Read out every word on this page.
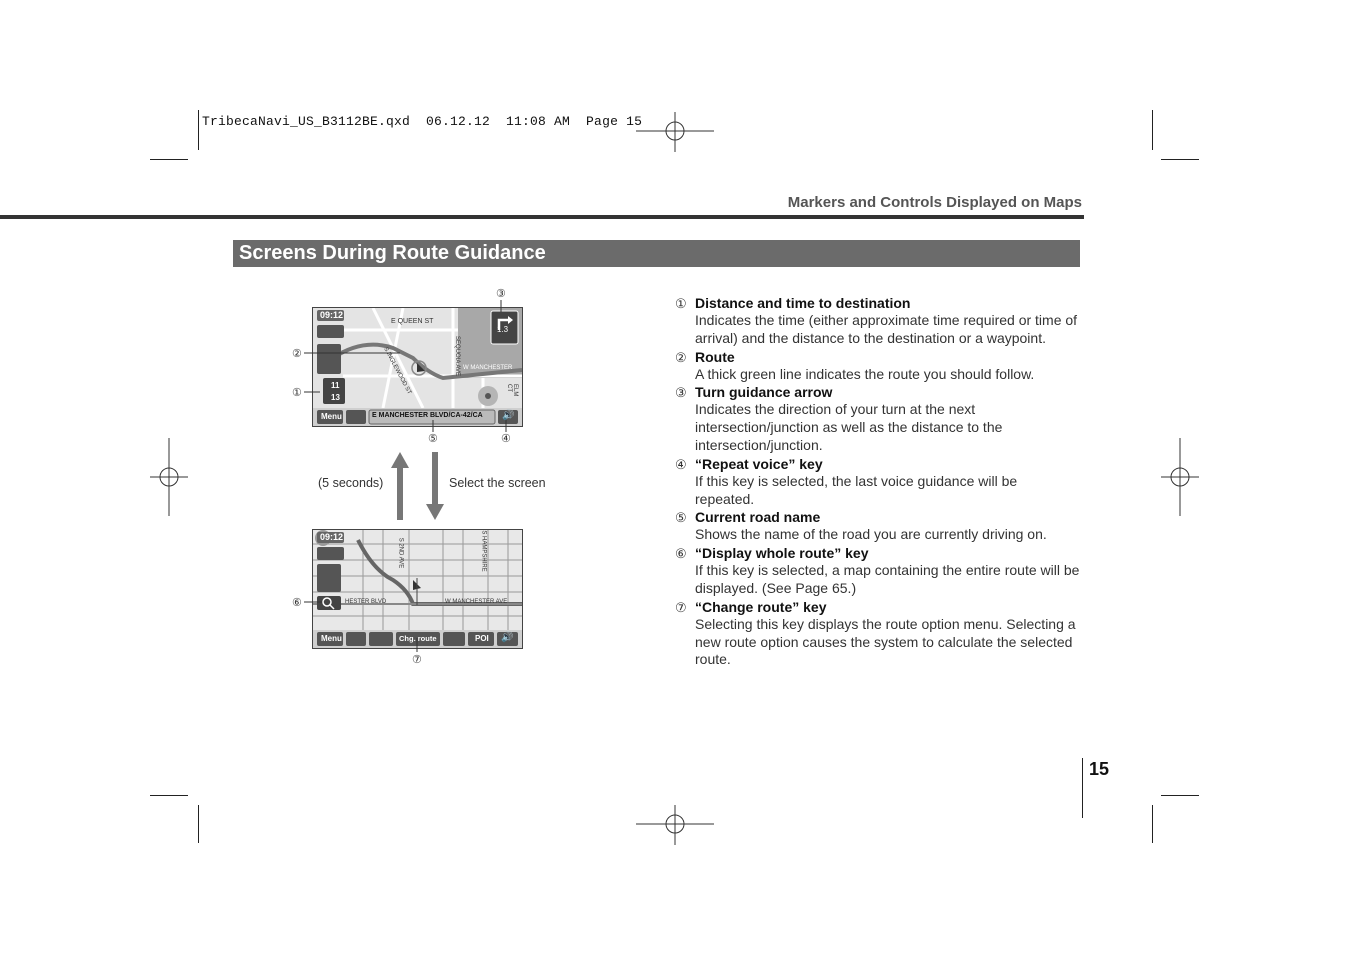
TribecaNavi_US_B3112BE.qxd  06.12.12  11:08 AM  Page 15
Markers and Controls Displayed on Maps
Screens During Route Guidance
09:12
E QUEEN ST
W MANCHESTER
S INGLEWOOD ST	SEQUOIA AVE
ELM CT
11
13
1.3
Menu	E MANCHESTER BLVD/CA-42/CA 🔊
③
②
①
⑤	④
(5 seconds)	Select the screen
09:12
S 2ND AVE	S HAMPSHIRE
W MANCHESTER AVE
HESTER BLVD
Menu	Chg. route	POI 🔊
⑥
⑦
① Distance and time to destination
Indicates the time (either approximate time required or time of arrival) and the distance to the destination or a waypoint.
② Route
A thick green line indicates the route you should follow.
③ Turn guidance arrow
Indicates the direction of your turn at the next intersection/junction as well as the distance to the intersection/junction.
④ “Repeat voice” key
If this key is selected, the last voice guidance will be repeated.
⑤ Current road name
Shows the name of the road you are currently driving on.
⑥ “Display whole route” key
If this key is selected, a map containing the entire route will be displayed. (See Page 65.)
⑦ “Change route” key
Selecting this key displays the route option menu. Selecting a new route option causes the system to calculate the selected route.
15
